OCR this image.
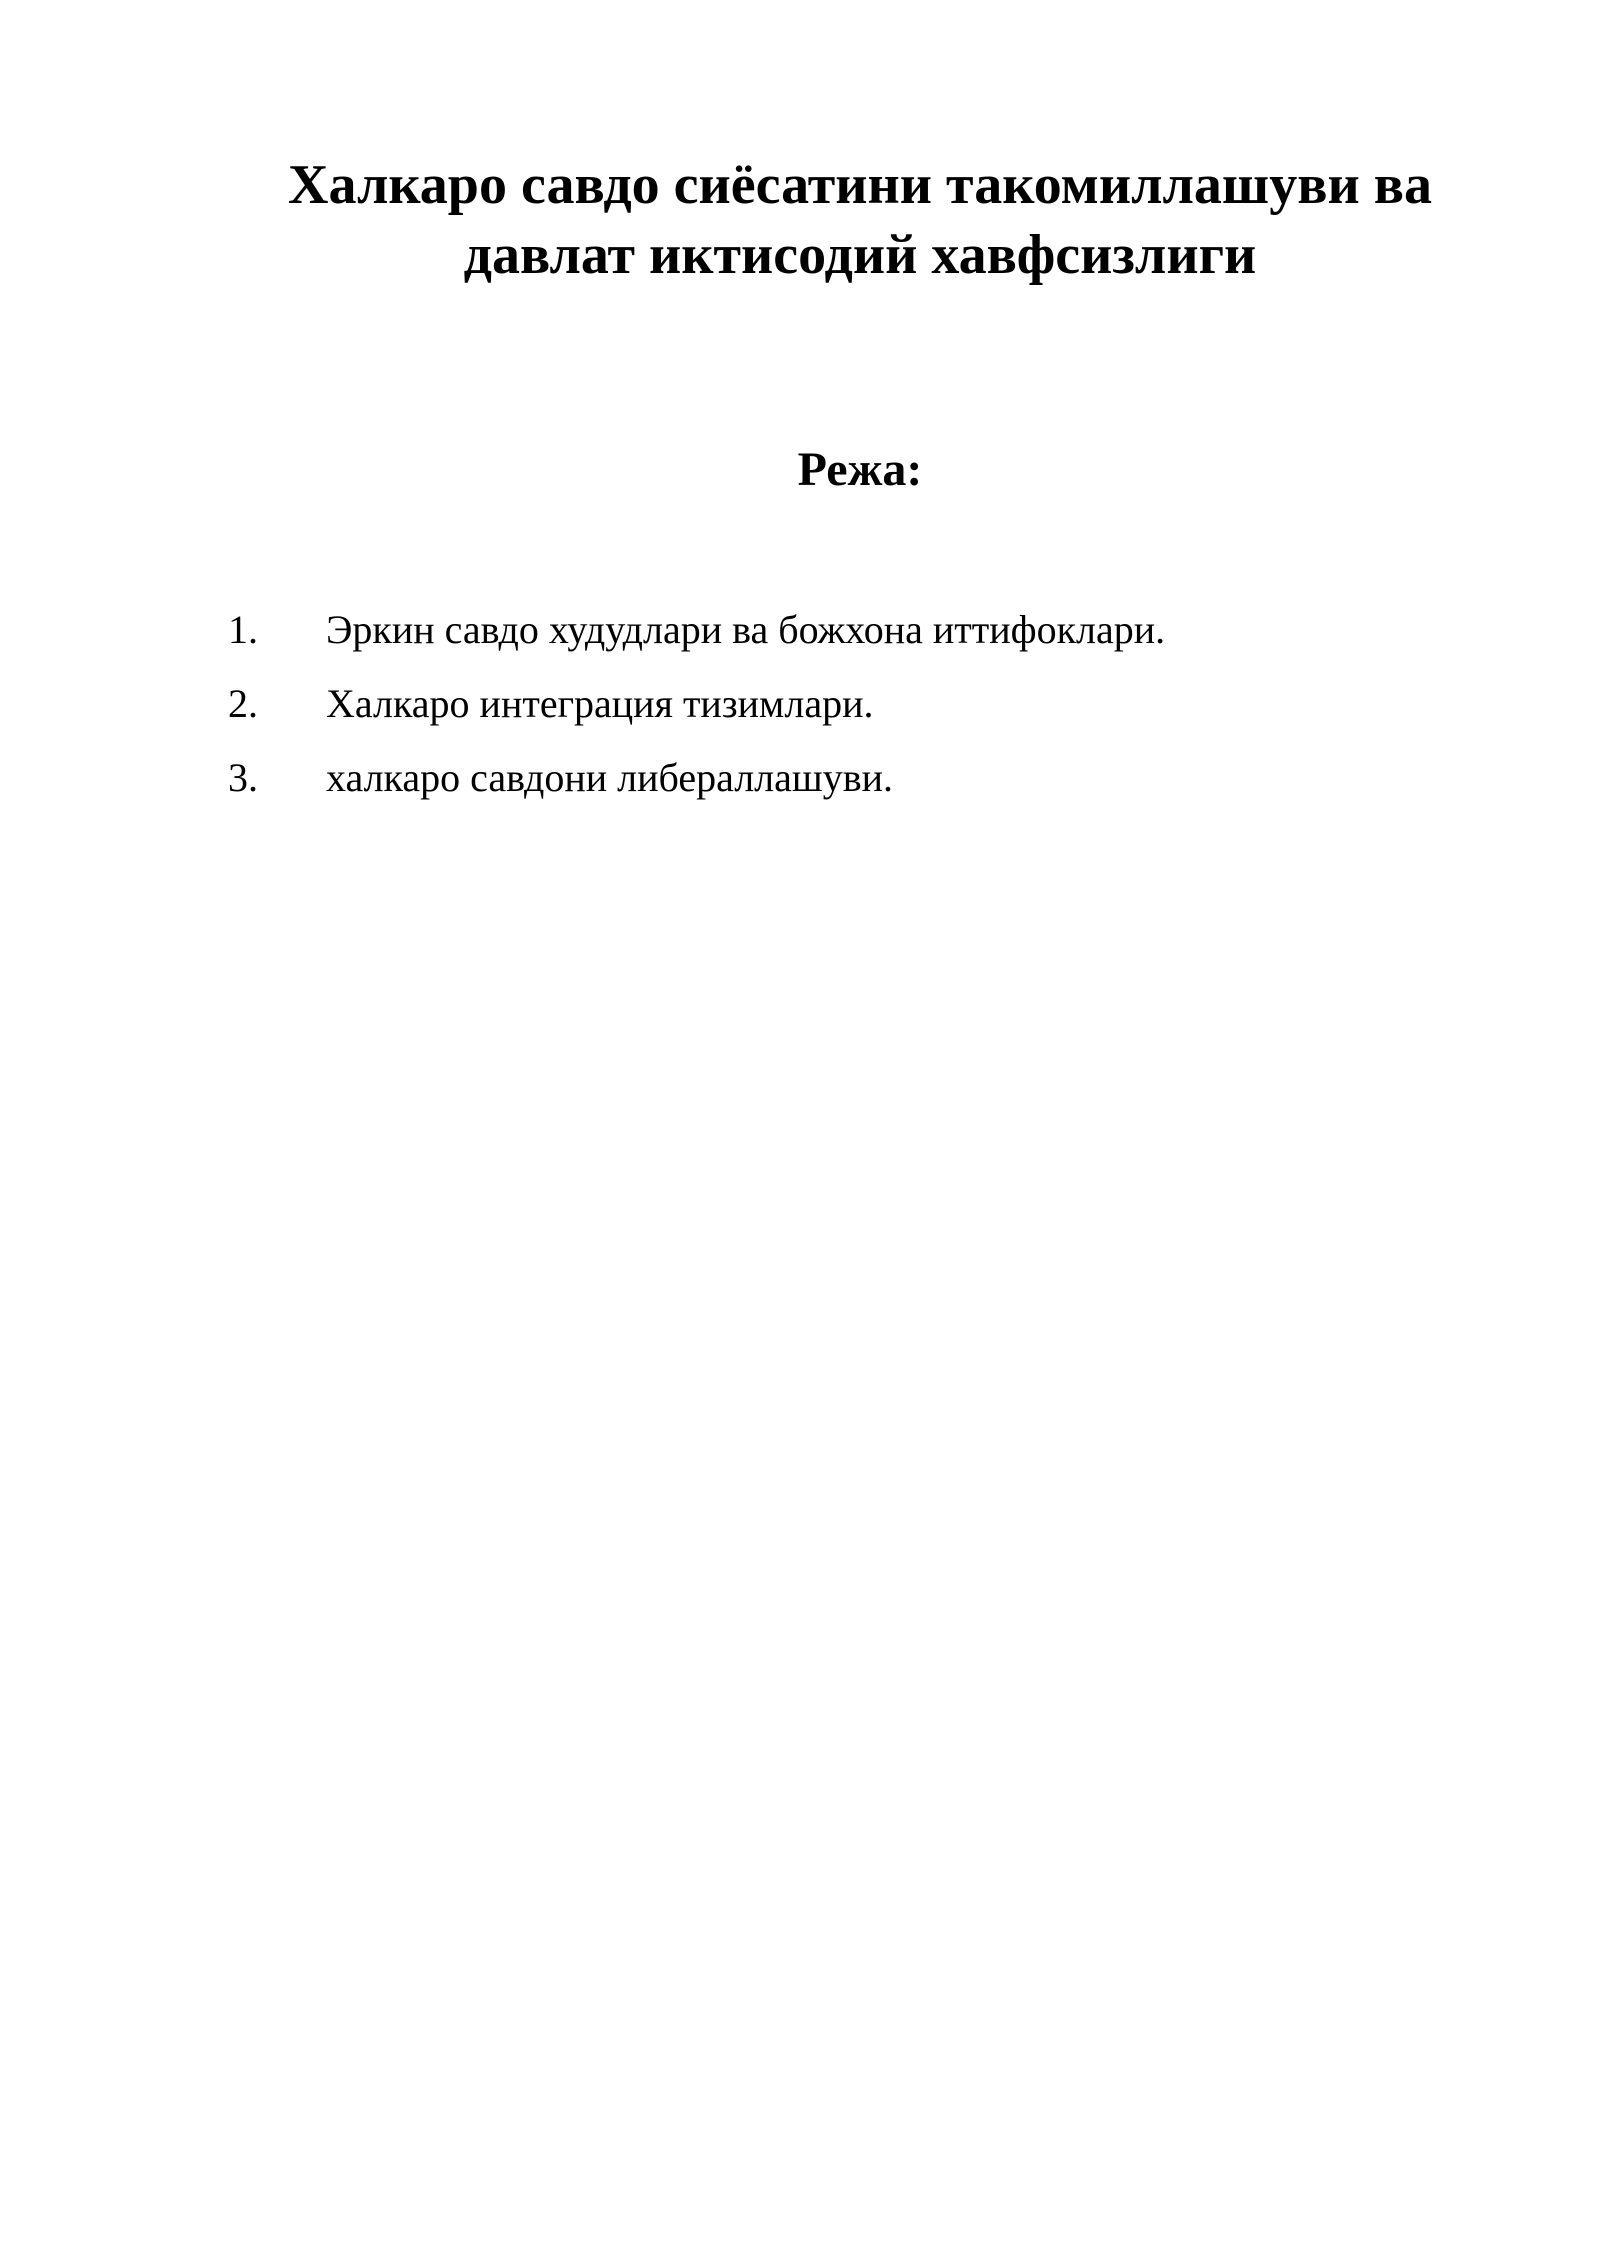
Халкаро савдо сиёсатини такомиллашуви ва
давлат иктисодий хавфсизлиги
Режа:
1.	Эркин савдо худудлари ва божхона иттифоклари.
2.	Халкаро интеграция тизимлари.
3.	халкаро савдони либераллашуви.
